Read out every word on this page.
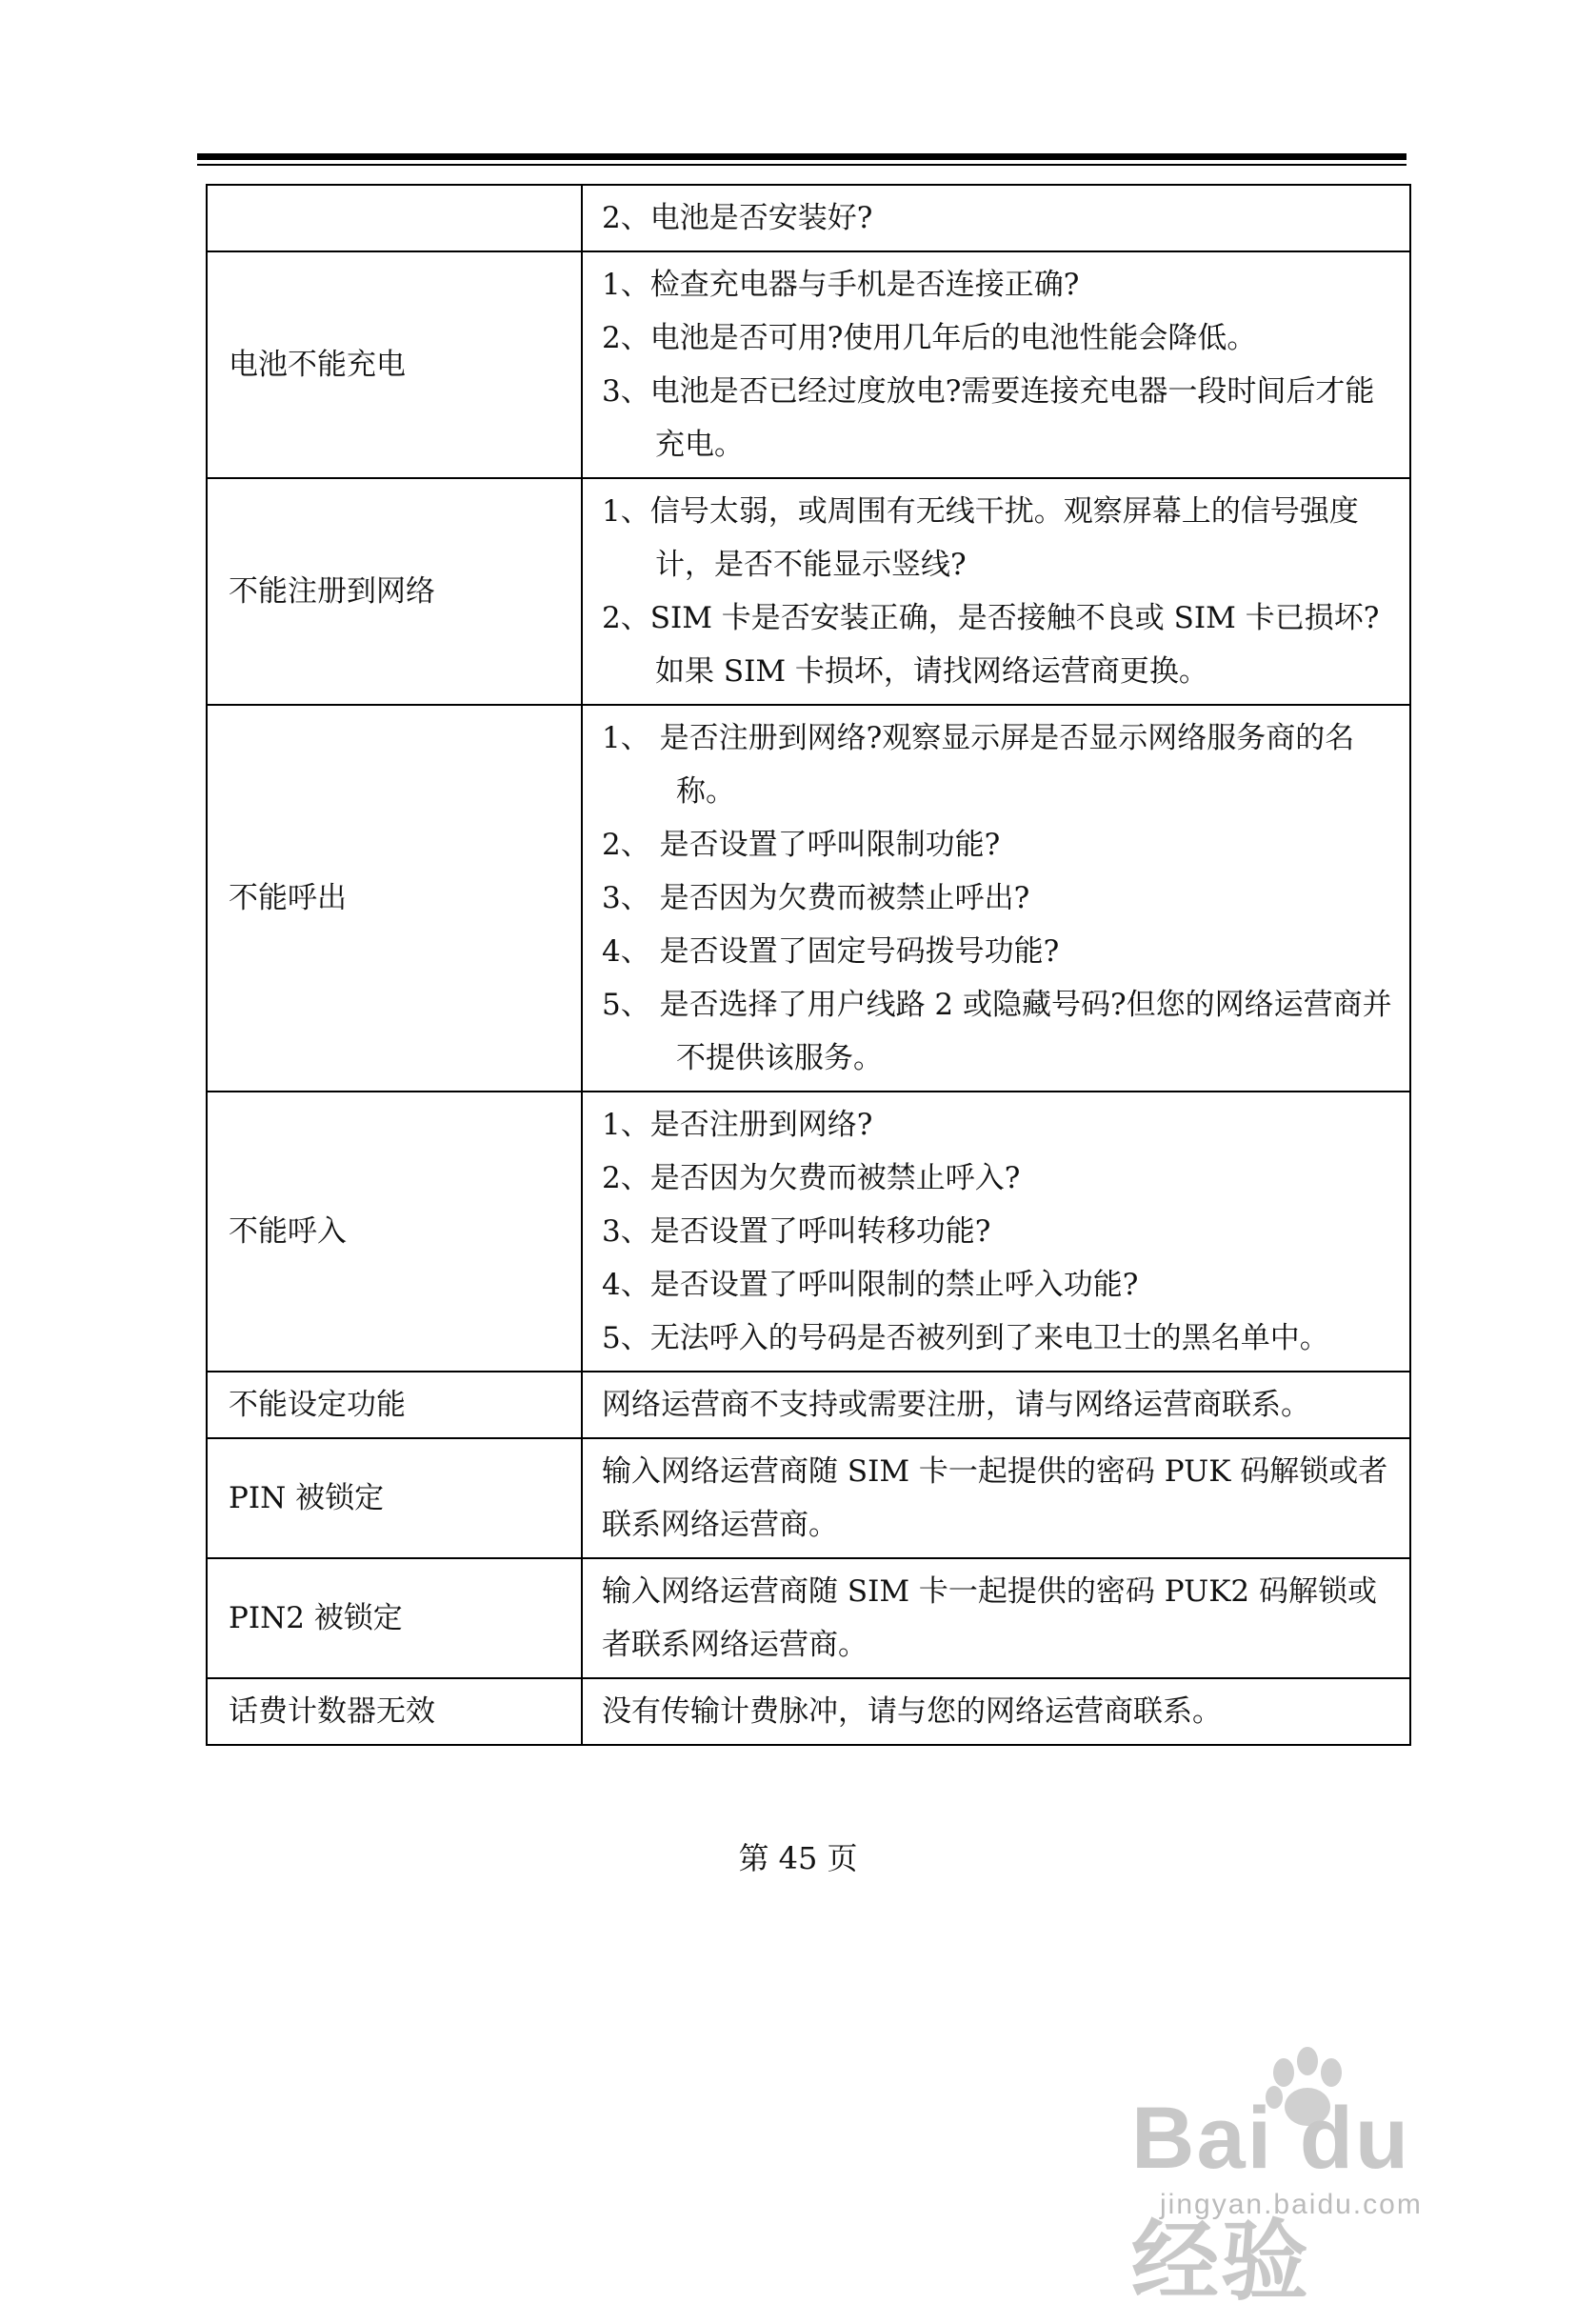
	2、电池是否安装好?

电池不能充电	1、检查充电器与手机是否连接正确?
2、电池是否可用?使用几年后的电池性能会降低。
3、电池是否已经过度放电?需要连接充电器一段时间后才能充电。

不能注册到网络	1、信号太弱，或周围有无线干扰。观察屏幕上的信号强度计，是否不能显示竖线?
2、SIM 卡是否安装正确，是否接触不良或 SIM 卡已损坏?如果 SIM 卡损坏，请找网络运营商更换。

不能呼出	1、 是否注册到网络?观察显示屏是否显示网络服务商的名称。
2、 是否设置了呼叫限制功能?
3、 是否因为欠费而被禁止呼出?
4、 是否设置了固定号码拨号功能?
5、 是否选择了用户线路 2 或隐藏号码?但您的网络运营商并不提供该服务。

不能呼入	1、是否注册到网络?
2、是否因为欠费而被禁止呼入?
3、是否设置了呼叫转移功能?
4、是否设置了呼叫限制的禁止呼入功能?
5、无法呼入的号码是否被列到了来电卫士的黑名单中。

不能设定功能	网络运营商不支持或需要注册，请与网络运营商联系。

PIN 被锁定	输入网络运营商随 SIM 卡一起提供的密码 PUK 码解锁或者联系网络运营商。

PIN2 被锁定	输入网络运营商随 SIM 卡一起提供的密码 PUK2 码解锁或者联系网络运营商。

话费计数器无效	没有传输计费脉冲，请与您的网络运营商联系。
第 45 页
Bai du 经验
jingyan.baidu.com
